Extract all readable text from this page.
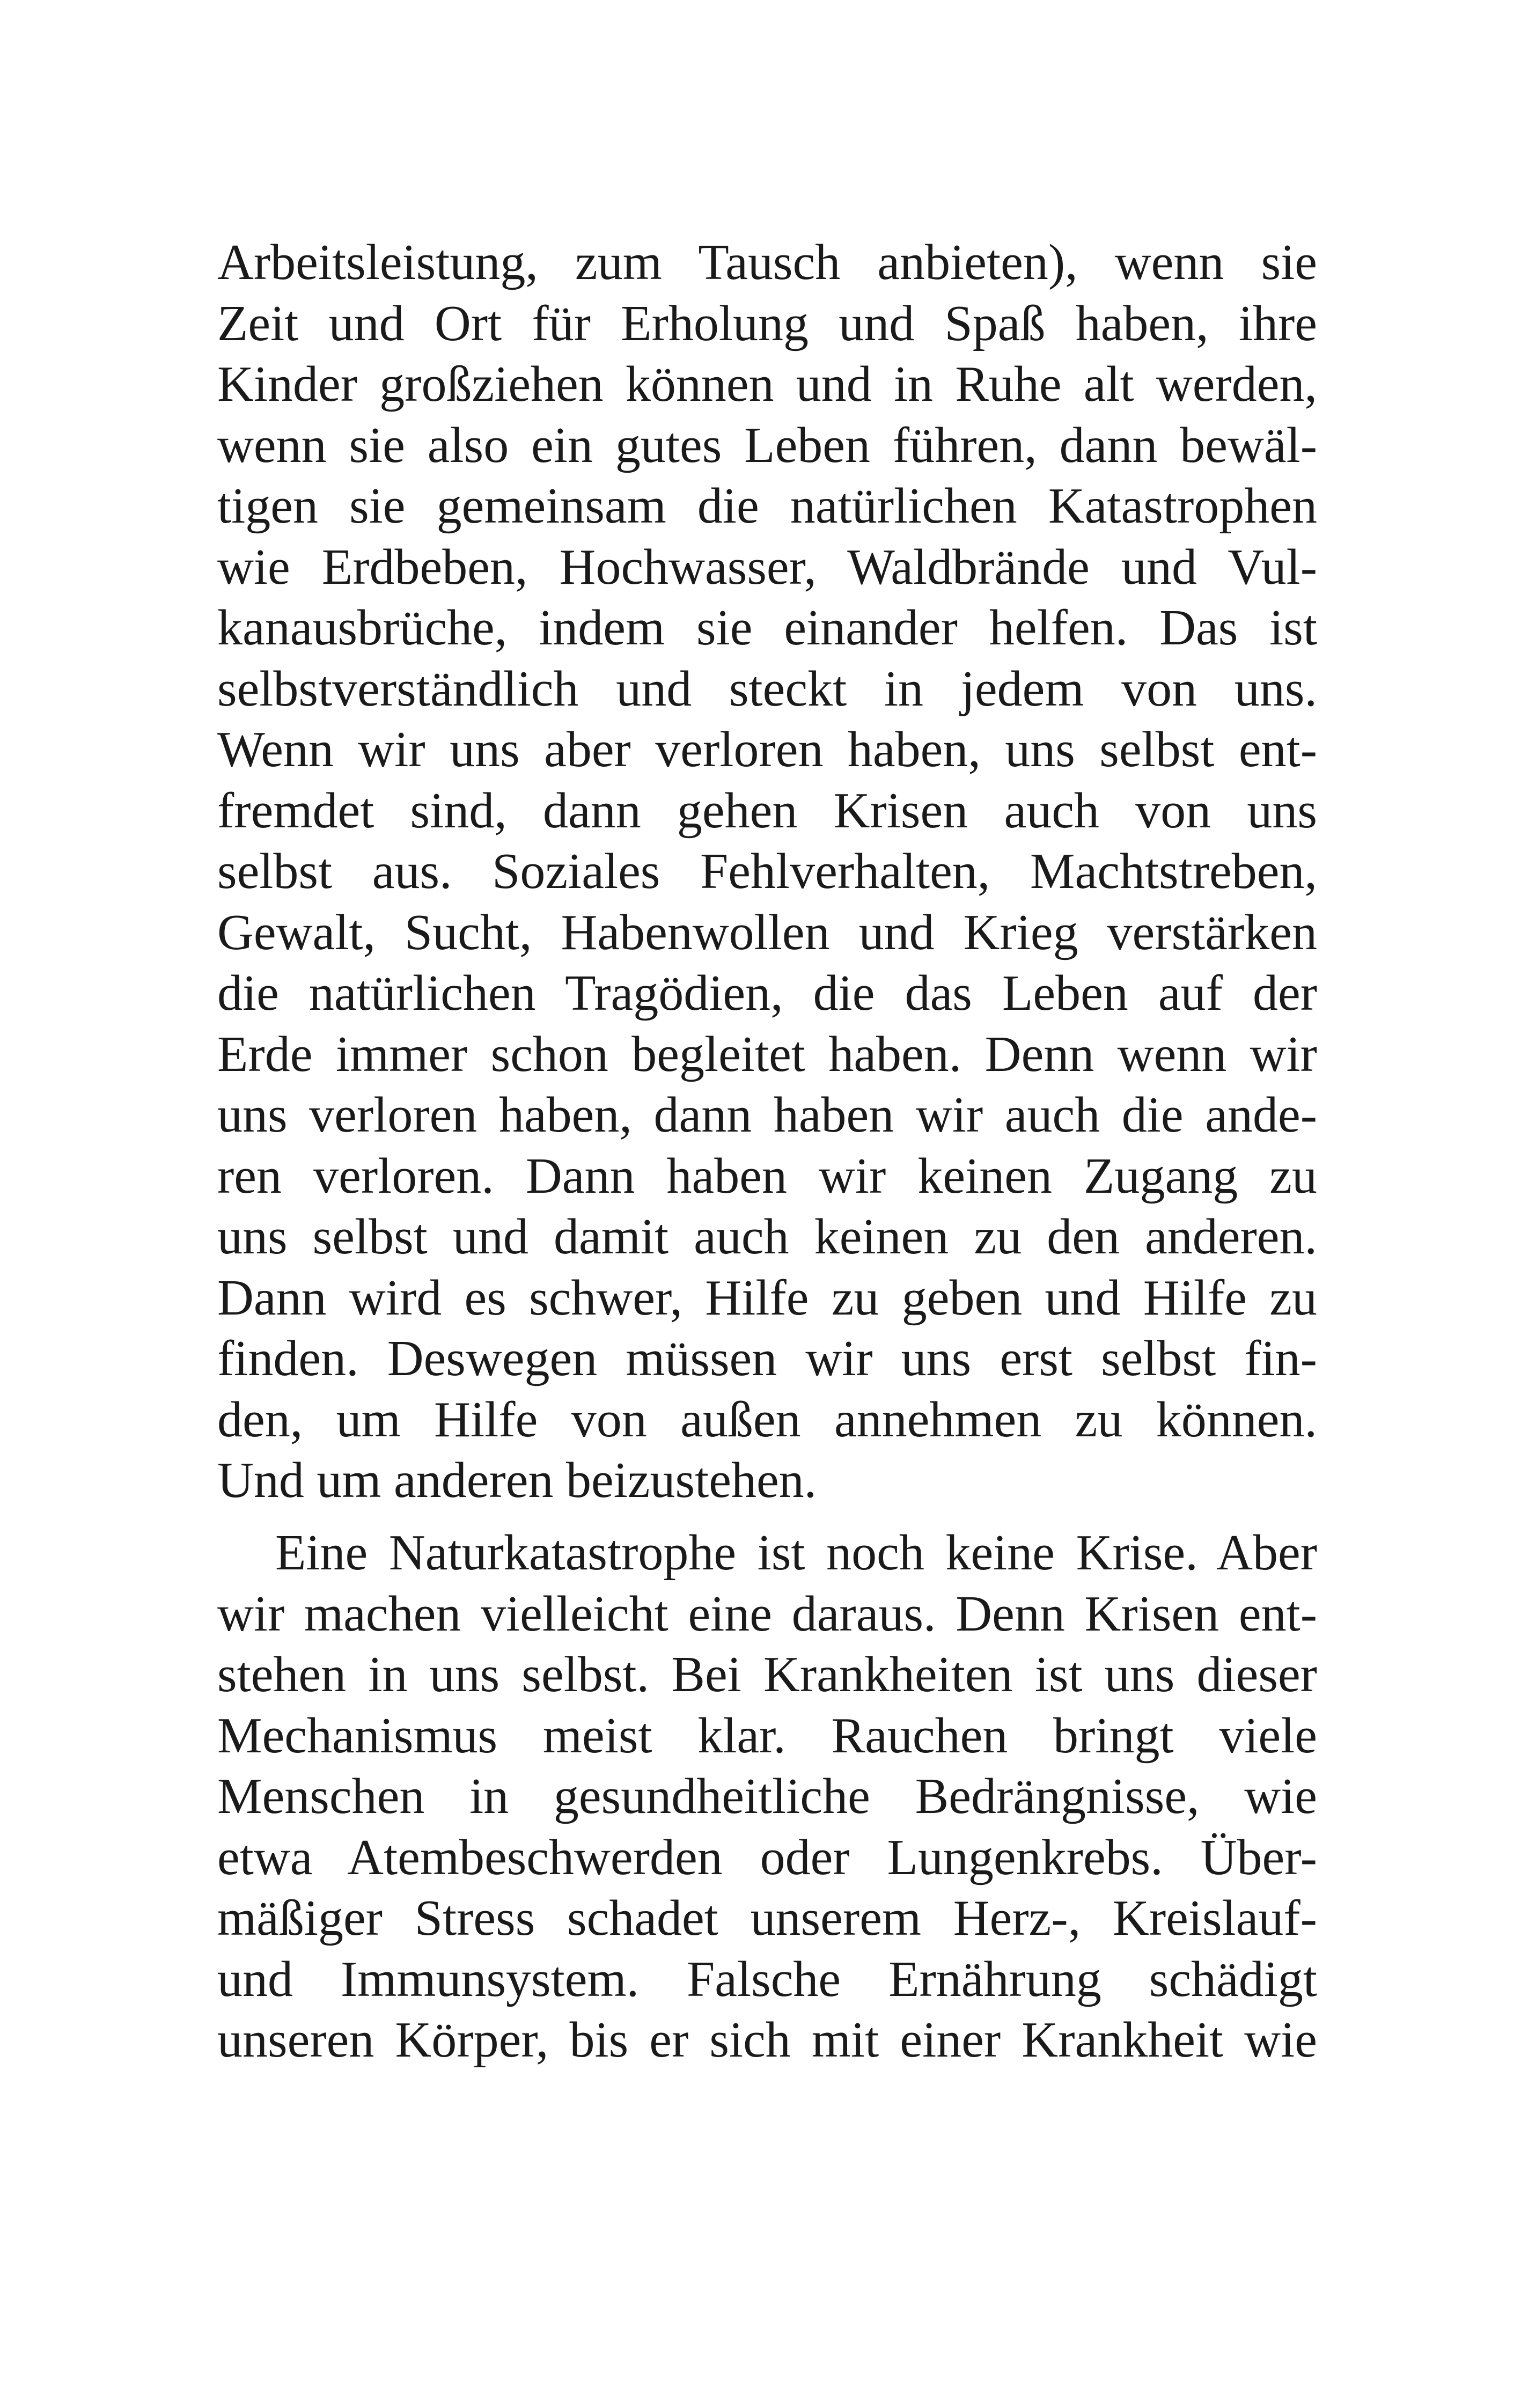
Arbeitsleistung, zum Tausch anbieten), wenn sie
Zeit und Ort für Erholung und Spaß haben, ihre
Kinder großziehen können und in Ruhe alt werden,
wenn sie also ein gutes Leben führen, dann bewäl-
tigen sie gemeinsam die natürlichen Katastrophen
wie Erdbeben, Hochwasser, Waldbrände und Vul-
kanausbrüche, indem sie einander helfen. Das ist
selbstverständlich und steckt in jedem von uns.
Wenn wir uns aber verloren haben, uns selbst ent-
fremdet sind, dann gehen Krisen auch von uns
selbst aus. Soziales Fehlverhalten, Machtstreben,
Gewalt, Sucht, Habenwollen und Krieg verstärken
die natürlichen Tragödien, die das Leben auf der
Erde immer schon begleitet haben. Denn wenn wir
uns verloren haben, dann haben wir auch die ande-
ren verloren. Dann haben wir keinen Zugang zu
uns selbst und damit auch keinen zu den anderen.
Dann wird es schwer, Hilfe zu geben und Hilfe zu
finden. Deswegen müssen wir uns erst selbst fin-
den, um Hilfe von außen annehmen zu können.
Und um anderen beizustehen.
Eine Naturkatastrophe ist noch keine Krise. Aber
wir machen vielleicht eine daraus. Denn Krisen ent-
stehen in uns selbst. Bei Krankheiten ist uns dieser
Mechanismus meist klar. Rauchen bringt viele
Menschen in gesundheitliche Bedrängnisse, wie
etwa Atembeschwerden oder Lungenkrebs. Über-
mäßiger Stress schadet unserem Herz-, Kreislauf-
und Immunsystem. Falsche Ernährung schädigt
unseren Körper, bis er sich mit einer Krankheit wie
